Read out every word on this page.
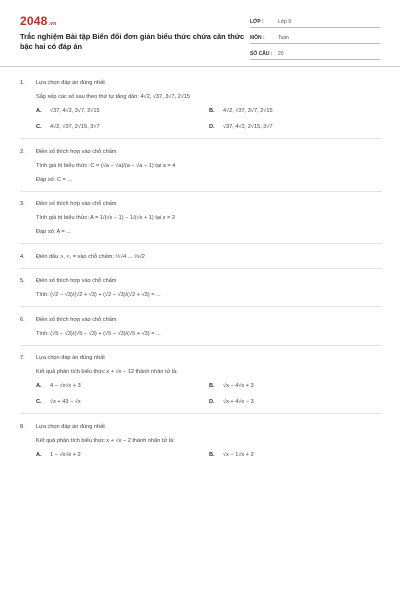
2048.vn
Trắc nghiệm Bài tập Biến đổi đơn giản biểu thức chứa căn thức bậc hai có đáp án
LỚP :	Lớp 9
MÔN :	Toán
SỐ CÂU :	20
1.	Lựa chọn đáp án đúng nhất
Sắp xếp các số sau theo thứ tự tăng dần: 4√2, √37, 3√7, 2√15
A.	√37, 4√2, 3√7, 2√15	B.	4√2, √37, 3√7, 2√15
C.	4√2, √37, 2√15, 3√7	D.	√37, 4√2, 2√15, 3√7
2.	Điền số thích hợp vào chỗ chấm
Tính giá trị biểu thức: C = (√a − √a)/(a − √a − 1) tại a = 4
Đáp số: C = ...
3.	Điền số thích hợp vào chỗ chấm
Tính giá trị biểu thức: A = 1/(√x − 1) − 1/(√x + 1) tại x = 2
Đáp số: A = ...
4.	Điền dấu >, <, = vào chỗ chấm: ½√4 ... ⅓√2
5.	Điền số thích hợp vào chỗ chấm
Tính: (√2 − √3)/(√2 + √3) + (√2 − √3)/(√2 + √3) = ...
6.	Điền số thích hợp vào chỗ chấm
Tính: (√5 − √3)/(√5 − √3) + (√5 − √3)/(√5 + √3) = ...
7.	Lựa chọn đáp án đúng nhất
Kết quả phân tích biểu thức x + √x − 12 thành nhân tử là:
A.	4 − √x√x + 3	B.	√x − 4√x + 3
C.	√x + 43 − √x	D.	√x + 4√x − 3
8.	Lựa chọn đáp án đúng nhất
Kết quả phân tích biểu thức x + √x − 2 thành nhân tử là:
A.	1 − √x√x + 2	B.	√x − 1√x + 2
